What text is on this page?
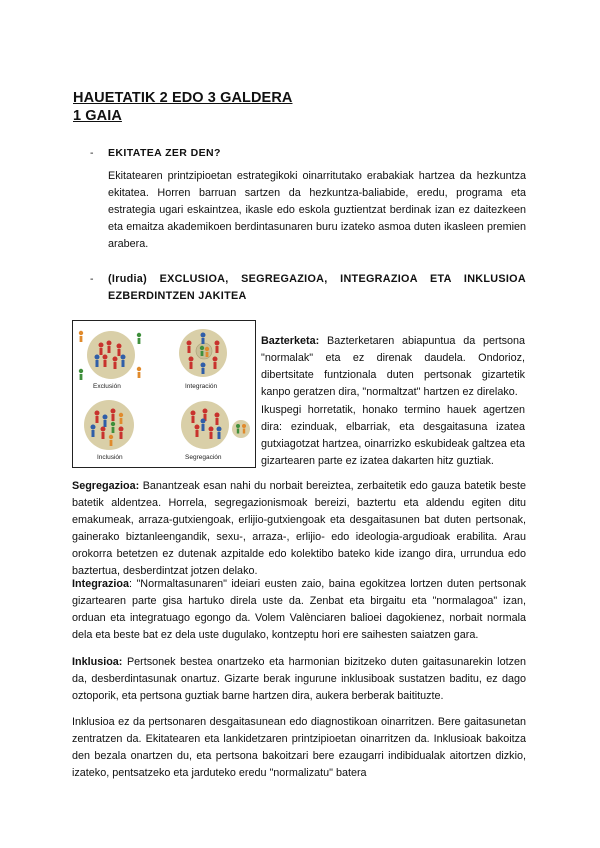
HAUETATIK 2 EDO 3 GALDERA
1 GAIA
- EKITATEA ZER DEN?

Ekitatearen printzipioetan estrategikoki oinarritutako erabakiak hartzea da hezkuntza ekitatea. Horren barruan sartzen da hezkuntza-baliabide, eredu, programa eta estrategia ugari eskaintzea, ikasle edo eskola guztientzat berdinak izan ez daitezkeen eta emaitza akademikoen berdintasunaren buru izateko asmoa duten ikasleen premien arabera.

- (Irudia) EXCLUSIOA, SEGREGAZIOA, INTEGRAZIOA ETA INKLUSIOA EZBERDINTZEN JAKITEA

Exclusión	Integración
Inclusión	Segregación

Bazterketa: Bazterketaren abiapuntua da pertsona "normalak" eta ez direnak daudela. Ondorioz, dibertsitate funtzionala duten pertsonak gizartetik kanpo geratzen dira, "normaltzat" hartzen ez direlako.

Ikuspegi horretatik, honako termino hauek agertzen dira: ezinduak, elbarriak, eta desgaitasuna izatea gutxiagotzat hartzea, oinarrizko eskubideak galtzea eta gizartearen parte ez izatea dakarten hitz guztiak.

Segregazioa: Banantzeak esan nahi du norbait bereiztea, zerbaitetik edo gauza batetik beste batetik aldentzea. Horrela, segregazionismoak bereizi, baztertu eta aldendu egiten ditu emakumeak, arraza-gutxiengoak, erlijio-gutxiengoak eta desgaitasunen bat duten pertsonak, gainerako biztanleengandik, sexu-, arraza-, erlijio- edo ideologia-argudioak erabilita. Arau orokorra betetzen ez dutenak azpitalde edo kolektibo bateko kide izango dira, urrundua edo baztertua, desberdintzat jotzen delako.

Integrazioa: "Normaltasunaren" ideiari eusten zaio, baina egokitzea lortzen duten pertsonak gizartearen parte gisa hartuko direla uste da. Zenbat eta birgaitu eta "normalagoa" izan, orduan eta integratuago egongo da. Volem Valènciaren balioei dagokienez, norbait normala dela eta beste bat ez dela uste dugulako, kontzeptu hori ere saihesten saiatzen gara.

Inklusioa: Pertsonek bestea onartzeko eta harmonian bizitzeko duten gaitasunarekin lotzen da, desberdintasunak onartuz. Gizarte berak ingurune inklusiboak sustatzen baditu, ez dago oztoporik, eta pertsona guztiak barne hartzen dira, aukera berberak baitituzte.

Inklusioa ez da pertsonaren desgaitasunean edo diagnostikoan oinarritzen. Bere gaitasunetan zentratzen da. Ekitatearen eta lankidetzaren printzipioetan oinarritzen da. Inklusioak bakoitza den bezala onartzen du, eta pertsona bakoitzari bere ezaugarri indibidualak aitortzen dizkio, izateko, pentsatzeko eta jarduteko eredu "normalizatu" batera
